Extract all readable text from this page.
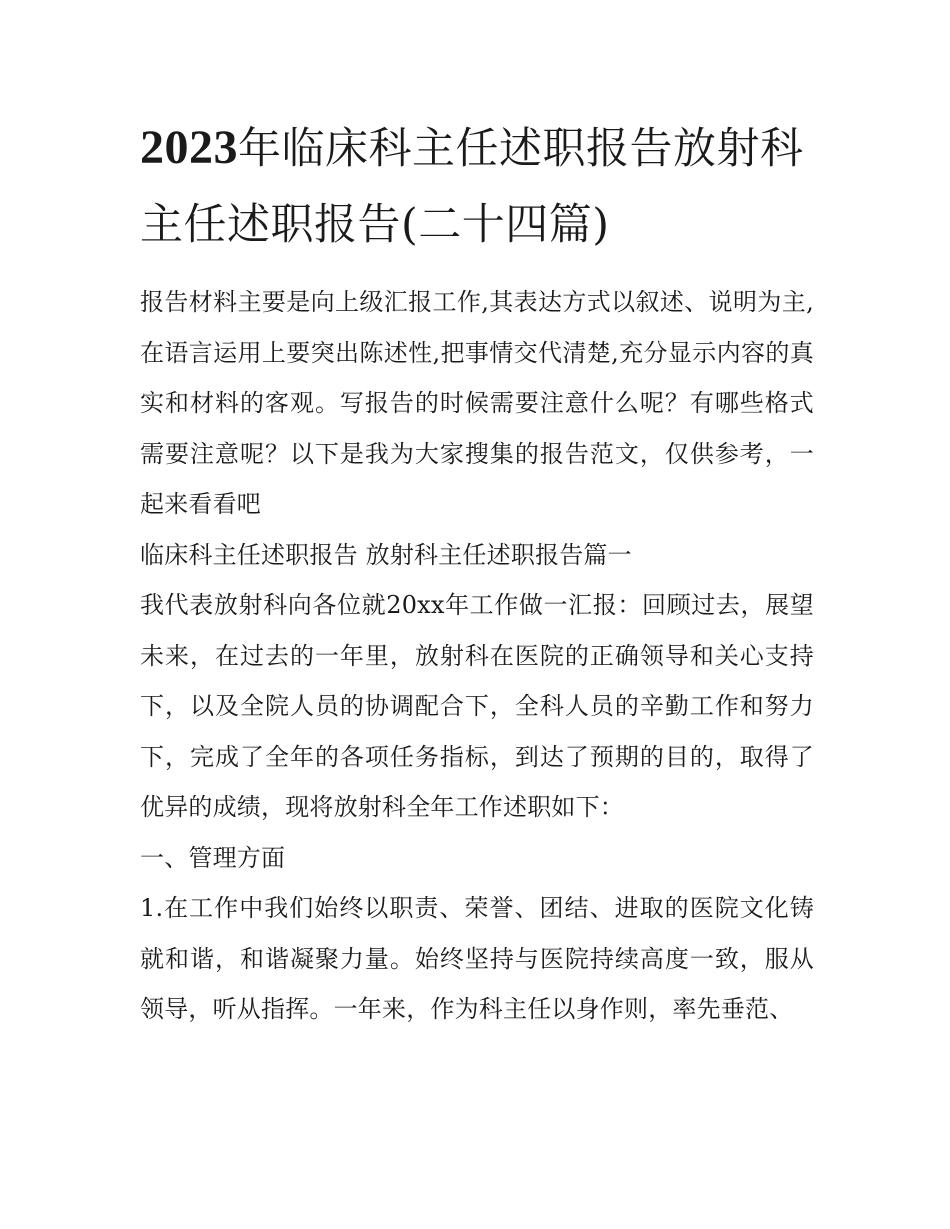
2023年临床科主任述职报告放射科主任述职报告(二十四篇)

报告材料主要是向上级汇报工作,其表达方式以叙述、说明为主,在语言运用上要突出陈述性,把事情交代清楚,充分显示内容的真实和材料的客观。写报告的时候需要注意什么呢？有哪些格式需要注意呢？以下是我为大家搜集的报告范文，仅供参考，一起来看看吧

临床科主任述职报告 放射科主任述职报告篇一

我代表放射科向各位就20xx年工作做一汇报：回顾过去，展望未来，在过去的一年里，放射科在医院的正确领导和关心支持下，以及全院人员的协调配合下，全科人员的辛勤工作和努力下，完成了全年的各项任务指标，到达了预期的目的，取得了优异的成绩，现将放射科全年工作述职如下：

一、管理方面

1.在工作中我们始终以职责、荣誉、团结、进取的医院文化铸就和谐，和谐凝聚力量。始终坚持与医院持续高度一致，服从领导，听从指挥。一年来，作为科主任以身作则，率先垂范、
